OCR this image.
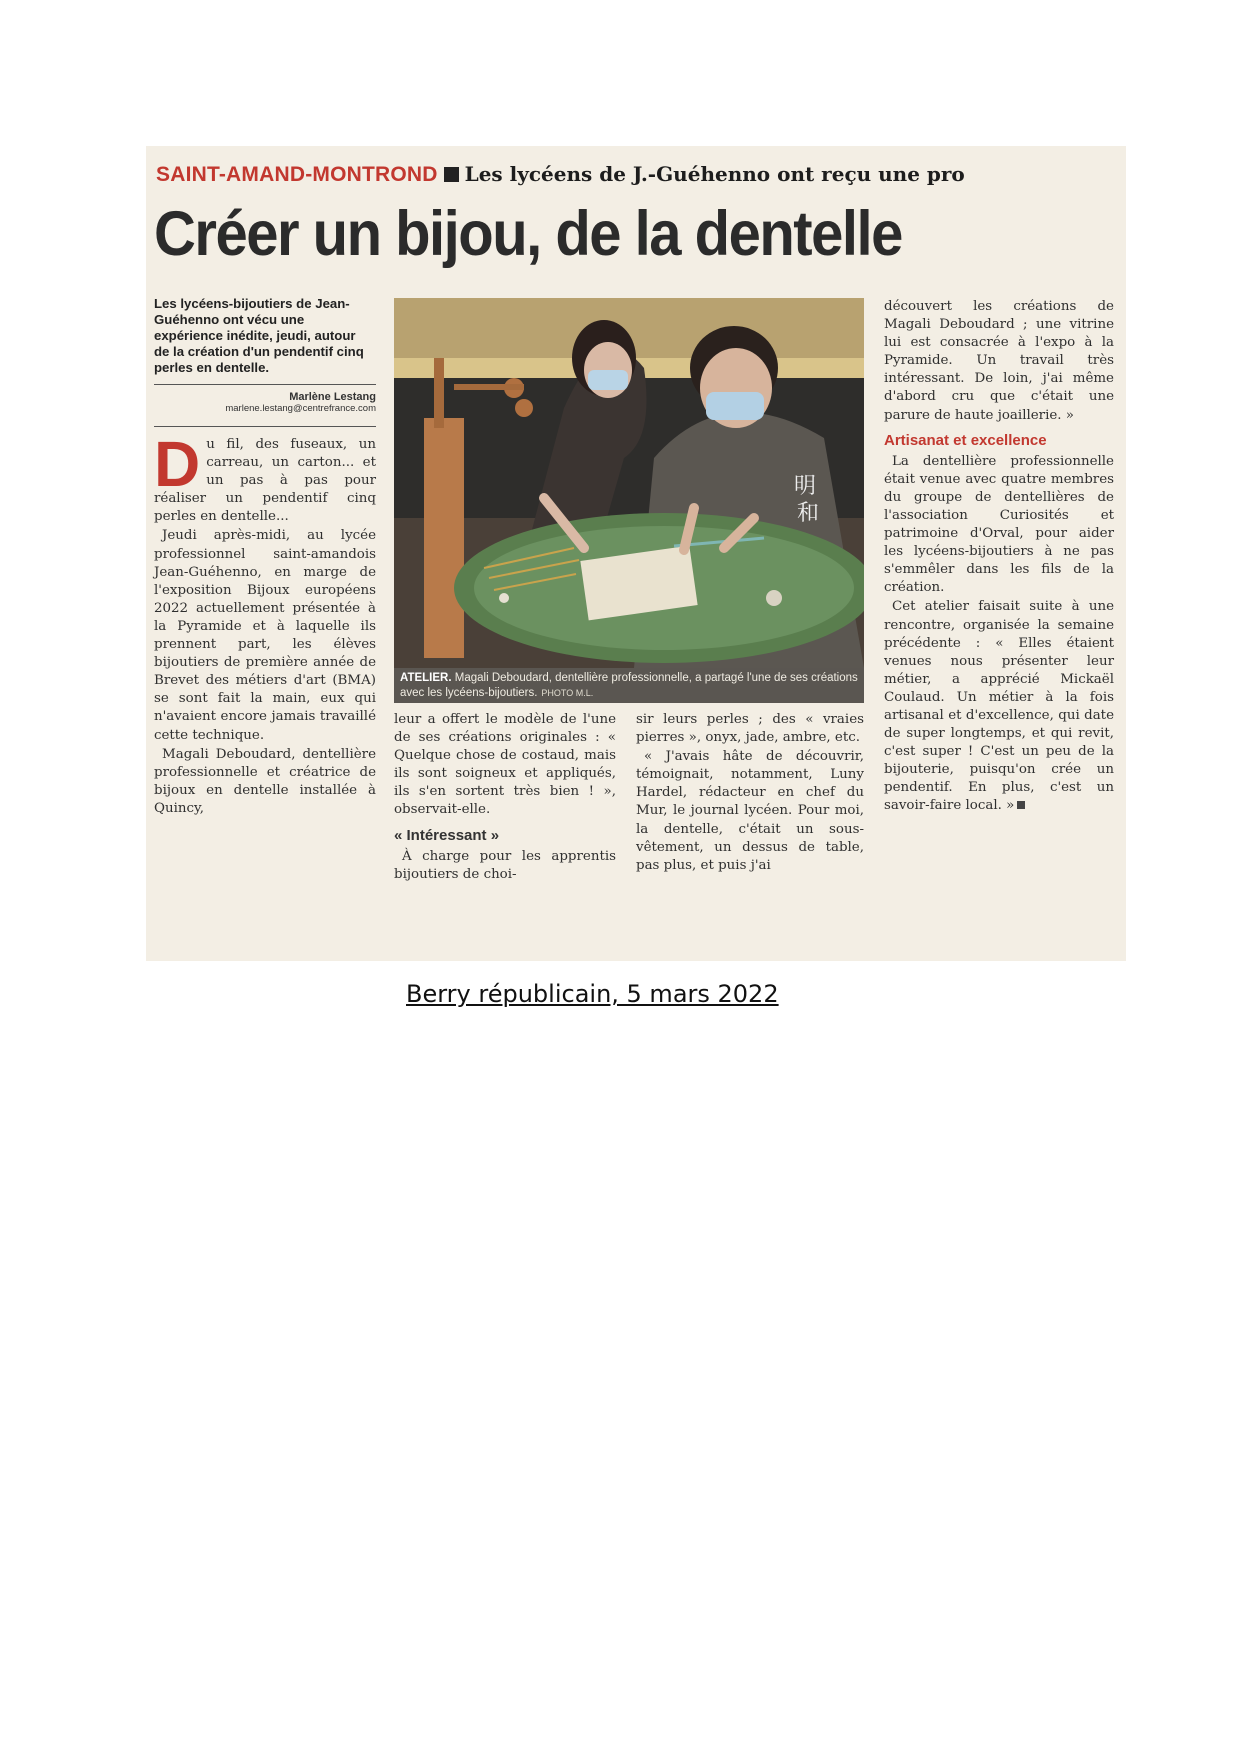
SAINT-AMAND-MONTROND Les lycéens de J.-Guéhenno ont reçu une pro
Créer un bijou, de la dentelle
Les lycéens-bijoutiers de Jean-Guéhenno ont vécu une expérience inédite, jeudi, autour de la création d'un pendentif cinq perles en dentelle.
Marlène Lestang
marlene.lestang@centrefrance.com

Du fil, des fuseaux, un carreau, un carton... et un pas à pas pour réaliser un pendentif cinq perles en dentelle...

Jeudi après-midi, au lycée professionnel saint-amandois Jean-Guéhenno, en marge de l'exposition Bijoux européens 2022 actuellement présentée à la Pyramide et à laquelle ils prennent part, les élèves bijoutiers de première année de Brevet des métiers d'art (BMA) se sont fait la main, eux qui n'avaient encore jamais travaillé cette technique.

Magali Deboudard, dentellière professionnelle et créatrice de bijoux en dentelle installée à Quincy,

明
和
ATELIER. Magali Deboudard, dentellière professionnelle, a partagé l'une de ses créations avec les lycéens-bijoutiers. PHOTO M.L.

leur a offert le modèle de l'une de ses créations originales : « Quelque chose de costaud, mais ils sont soigneux et appliqués, ils s'en sortent très bien ! », observait-elle.

« Intéressant »

À charge pour les apprentis bijoutiers de choi-

sir leurs perles ; des « vraies pierres », onyx, jade, ambre, etc.

« J'avais hâte de découvrir, témoignait, notamment, Luny Hardel, rédacteur en chef du Mur, le journal lycéen. Pour moi, la dentelle, c'était un sous-vêtement, un dessus de table, pas plus, et puis j'ai

découvert les créations de Magali Deboudard ; une vitrine lui est consacrée à l'expo à la Pyramide. Un travail très intéressant. De loin, j'ai même d'abord cru que c'était une parure de haute joaillerie. »

Artisanat et excellence

La dentellière professionnelle était venue avec quatre membres du groupe de dentellières de l'association Curiosités et patrimoine d'Orval, pour aider les lycéens-bijoutiers à ne pas s'emmêler dans les fils de la création.

Cet atelier faisait suite à une rencontre, organisée la semaine précédente : « Elles étaient venues nous présenter leur métier, a apprécié Mickaël Coulaud. Un métier à la fois artisanal et d'excellence, qui date de super longtemps, et qui revit, c'est super ! C'est un peu de la bijouterie, puisqu'on crée un pendentif. En plus, c'est un savoir-faire local. »

Berry républicain, 5 mars 2022
